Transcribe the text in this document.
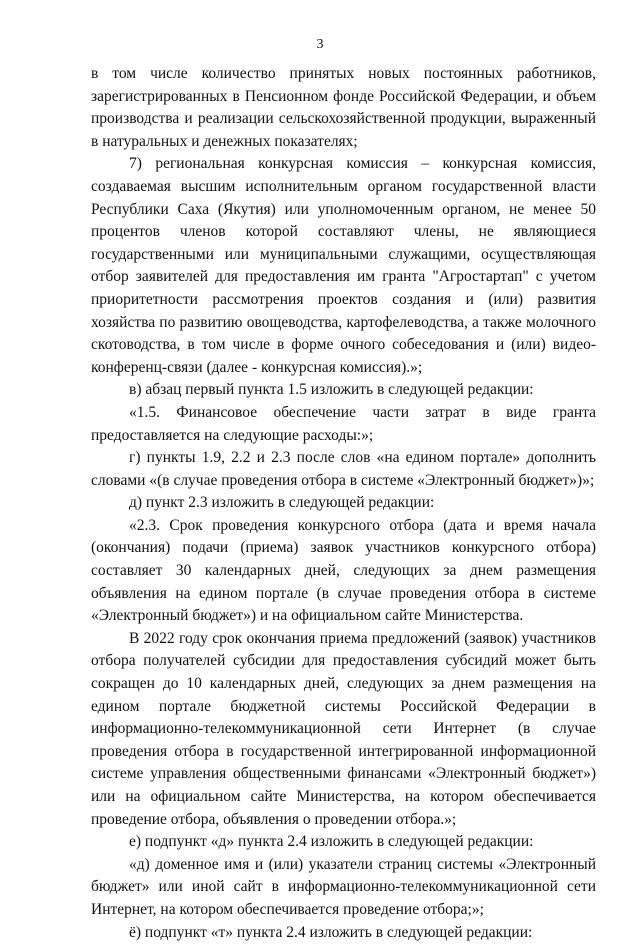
3

в том числе количество принятых новых постоянных работников, зарегистрированных в Пенсионном фонде Российской Федерации, и объем производства и реализации сельскохозяйственной продукции, выраженный в натуральных и денежных показателях;

7) региональная конкурсная комиссия – конкурсная комиссия, создаваемая высшим исполнительным органом государственной власти Республики Саха (Якутия) или уполномоченным органом, не менее 50 процентов членов которой составляют члены, не являющиеся государственными или муниципальными служащими, осуществляющая отбор заявителей для предоставления им гранта "Агростартап" с учетом приоритетности рассмотрения проектов создания и (или) развития хозяйства по развитию овощеводства, картофелеводства, а также молочного скотоводства, в том числе в форме очного собеседования и (или) видео-конференц-связи (далее - конкурсная комиссия).»;

в) абзац первый пункта 1.5 изложить в следующей редакции:

«1.5. Финансовое обеспечение части затрат в виде гранта предоставляется на следующие расходы:»;

г) пункты 1.9, 2.2 и 2.3 после слов «на едином портале» дополнить словами «(в случае проведения отбора в системе «Электронный бюджет»)»;

д) пункт 2.3 изложить в следующей редакции:

«2.3. Срок проведения конкурсного отбора (дата и время начала (окончания) подачи (приема) заявок участников конкурсного отбора) составляет 30 календарных дней, следующих за днем размещения объявления на едином портале (в случае проведения отбора в системе «Электронный бюджет») и на официальном сайте Министерства.

В 2022 году срок окончания приема предложений (заявок) участников отбора получателей субсидии для предоставления субсидий может быть сокращен до 10 календарных дней, следующих за днем размещения на едином портале бюджетной системы Российской Федерации в информационно-телекоммуникационной сети Интернет (в случае проведения отбора в государственной интегрированной информационной системе управления общественными финансами «Электронный бюджет») или на официальном сайте Министерства, на котором обеспечивается проведение отбора, объявления о проведении отбора.»;

е) подпункт «д» пункта 2.4 изложить в следующей редакции:

«д) доменное имя и (или) указатели страниц системы «Электронный бюджет» или иной сайт в информационно-телекоммуникационной сети Интернет, на котором обеспечивается проведение отбора;»;

ё) подпункт «т» пункта 2.4 изложить в следующей редакции:
